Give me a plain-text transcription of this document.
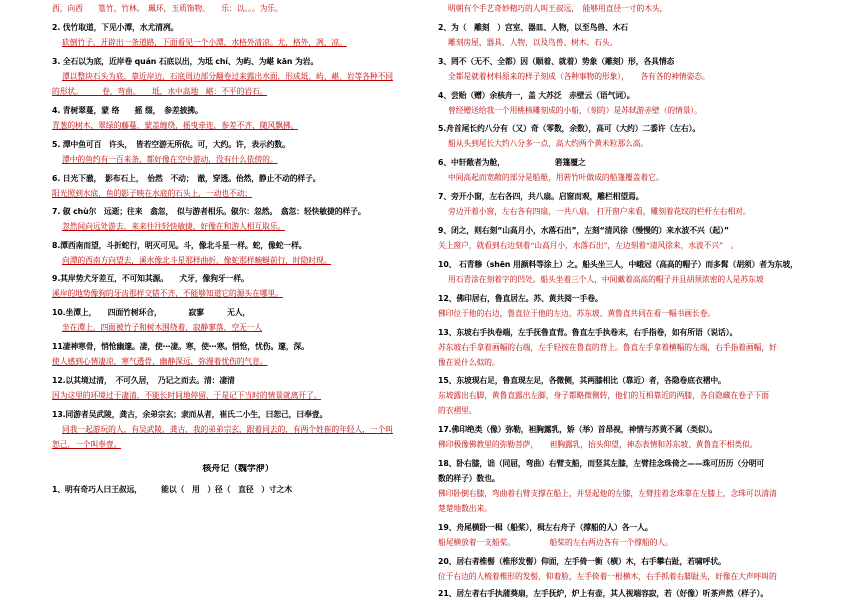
西，向西　　篁竹，竹林。　珮环，玉质饰物。　　乐：以。。。为乐。
2. 伐竹取道，下见小潭，水尤清冽。
砍倒竹子，开辟出一条道路，下面看见一个小潭，水格外清凉。尤，格外，冽，凉。
3. 全石以为底，近岸卷 quán 石底以出，为坻 chí、为屿、为嵁 kān 为岩。
潭以整块石头为底，靠近岸边，石底周边部分翻卷过来露出水面，形成坻、屿、嵁、岩等各种不同
的形状。　　　卷，弯曲。　　坻，水中高地　嵁：不平的岩石。
4. 青树翠蔓，蒙 络　　摇 缀，　参差披拂。
青葱的树木，翠绿的藤蔓，蒙盖缠绕，摇曳牵连，参差不齐，随风飘拂。
5. 潭中鱼可百　许头，　皆若空游无所依。可，大约。许，表示约数。
潭中的鱼约有一百来条，都好像在空中游动，没有什么依傍的。
6. 日光下澈，　影布石上，　佁然　不动；　澈，穿透。佁然，静止不动的样子。
阳光照到水底，鱼的影子映在水底的石头上，一动也不动；
7. 俶 chù尔　远逝；往来　翕忽，　似与游者相乐。俶尔：忽然。　翕忽：轻快敏捷的样子。
忽然间向远处游去，来来往往轻快敏捷，好像在和游人相互取乐。
8.潭西南而望，斗折蛇行，明灭可见。斗，像北斗星一样。蛇，像蛇一样。
向潭的西南方向望去，溪水像北斗星那样曲折，像蛇那样蜿蜒前行，时隐时现。
9.其岸势犬牙差互，不可知其源。　　犬牙，像狗牙一样。
溪岸的地势像狗的牙齿那样交错不齐，不能够知道它的源头在哪里。
10.坐潭上，　　四面竹树环合，　　　　寂寥　　　无人，
坐在潭上，四面被竹子和树木围绕着，寂静寥落，空无一人
11凄神寒骨，悄怆幽邃。凄，使⋯凄。寒，使⋯寒。悄怆，忧伤。邃，深。
使人感到心情凄凉，寒气透骨，幽静深远，弥漫着忧伤的气息。
12.以其境过清，　不可久居，　乃记之而去。清：凄清
因为这里的环境过于凄清，不能长时间地停留，于是记下当时的情景就离开了。
13.同游者吴武陵，龚古，余弟宗玄；隶而从者，崔氏二小生，曰恕己，曰奉壹。
同我一起游玩的人，有吴武陵，龚古，我的弟弟宗玄，跟着同去的，有两个姓崔的年轻人，一个叫
恕己，一个叫奉壹。
核舟记（魏学洢）
1、明有奇巧人曰王叔远，　　　能以（　用　）径（　直径　）寸之木
明朝有个手艺奇妙精巧的人叫王叔远，　能够用直径一寸的木头，
2、为（　雕刻　）宫室、器皿、人物，以至鸟兽、木石
雕刻房屋、器具、人物，以及鸟兽、树木、石头。
3、罔不（无不、全都）因（顺着、就着）势象（雕刻）形，各具情态
全都是就着材料原来的样子刻成（各种事物的形象），　　各有各的神情姿态。
4、尝贻（赠）余核舟一，盖 大苏泛　赤壁云（语气词）。
曾经赠送给我一个用桃核雕刻成的小船，（刻的）是苏轼游赤壁（的情景）。
5.舟首尾长约八分有（又）奇（零数，余数），高可（大约）二黍许（左右）。
船从头到尾长大约八分多一点，高大约两个黄米粒那么高。
6、中轩敞者为舱，　　　　　　　箬篷覆之
中间高起而宽敞的部分是船舱，用箬竹叶做成的船篷覆盖着它。
7、旁开小窗，左右各四，共八扇。启窗而观，雕栏相望焉。
旁边开着小窗，左右各有四扇，一共八扇。 打开窗户来看，雕刻着花纹的栏杆左右相对。
9、闭之，则右刻“山高月小，水落石出”，左刻“清风徐（慢慢的）来水波不兴（起）”
关上窗户，就看到右边刻着“山高月小，水落石出”，左边刻着“清风徐来，水波不兴”　。
10、 石青糁（shēn 用颜料等涂上）之。船头坐三人，中峨冠（高高的帽子）而多髯（胡须）者为东坡，
用石青涂在刻着字的凹处。船头坐着三个人，中间戴着高高的帽子并且胡须浓密的人是苏东坡
12、佛印居右，鲁直居左。苏、黄共阅一手卷。
佛印位于他的右边，鲁直位于他的左边。苏东坡、黄鲁直共同在看一幅书画长卷。
13、东坡右手执卷端，左手抚鲁直背。鲁直左手执卷末，右手指卷，如有所语（说话）。
苏东坡右手拿着画幅的右端，左手轻按在鲁直的背上。鲁直左手拿着横幅的左端，右手指着画幅，好
像在说什么似的。
15、东坡现右足，鲁直现左足，各微侧，其两膝相比（靠近）者，各隐卷底衣褶中。
东坡露出右脚，黄鲁直露出左脚，身子都略微侧转，他们的互相靠近的两膝，各自隐藏在卷子下面
的衣褶里。
17.佛印绝类（像）弥勒，袒胸露乳，矫（举）首昂视，神情与苏黄不属（类似）。
佛印极像佛教里的弥勒菩萨，　　袒胸露乳，抬头仰望，神态表情和苏东坡、黄鲁直不相类似。
18、卧右膝，诎（同屈，弯曲）右臂支船，而竖其左膝，左臂挂念珠倚之——珠可历历（分明可
数的样子）数也。
佛印卧倒右膝，弯曲着右臂支撑在船上，并竖起他的左膝，左臂挂着念珠靠在左膝上，念珠可以清清
楚楚地数出来。
19、舟尾横卧一楫（船桨），楫左右舟子（撑船的人）各一人。
船尾横放着一支船桨。　　　　　船桨的左右两边各有一个撑船的人。
20、居右者椎髻（椎形发髻）仰面，左手倚一衡（横）木，右手攀右趾，若啸呼状。
位于右边的人梳着椎形的发髻，仰着脸，左手倚着一根横木，右手抓着右脚趾头，好像在大声呼叫的
21、居左者右手执蒲葵扇，左手抚炉，炉上有壶，其人视端容寂，若（好像）听茶声然（样子）。
